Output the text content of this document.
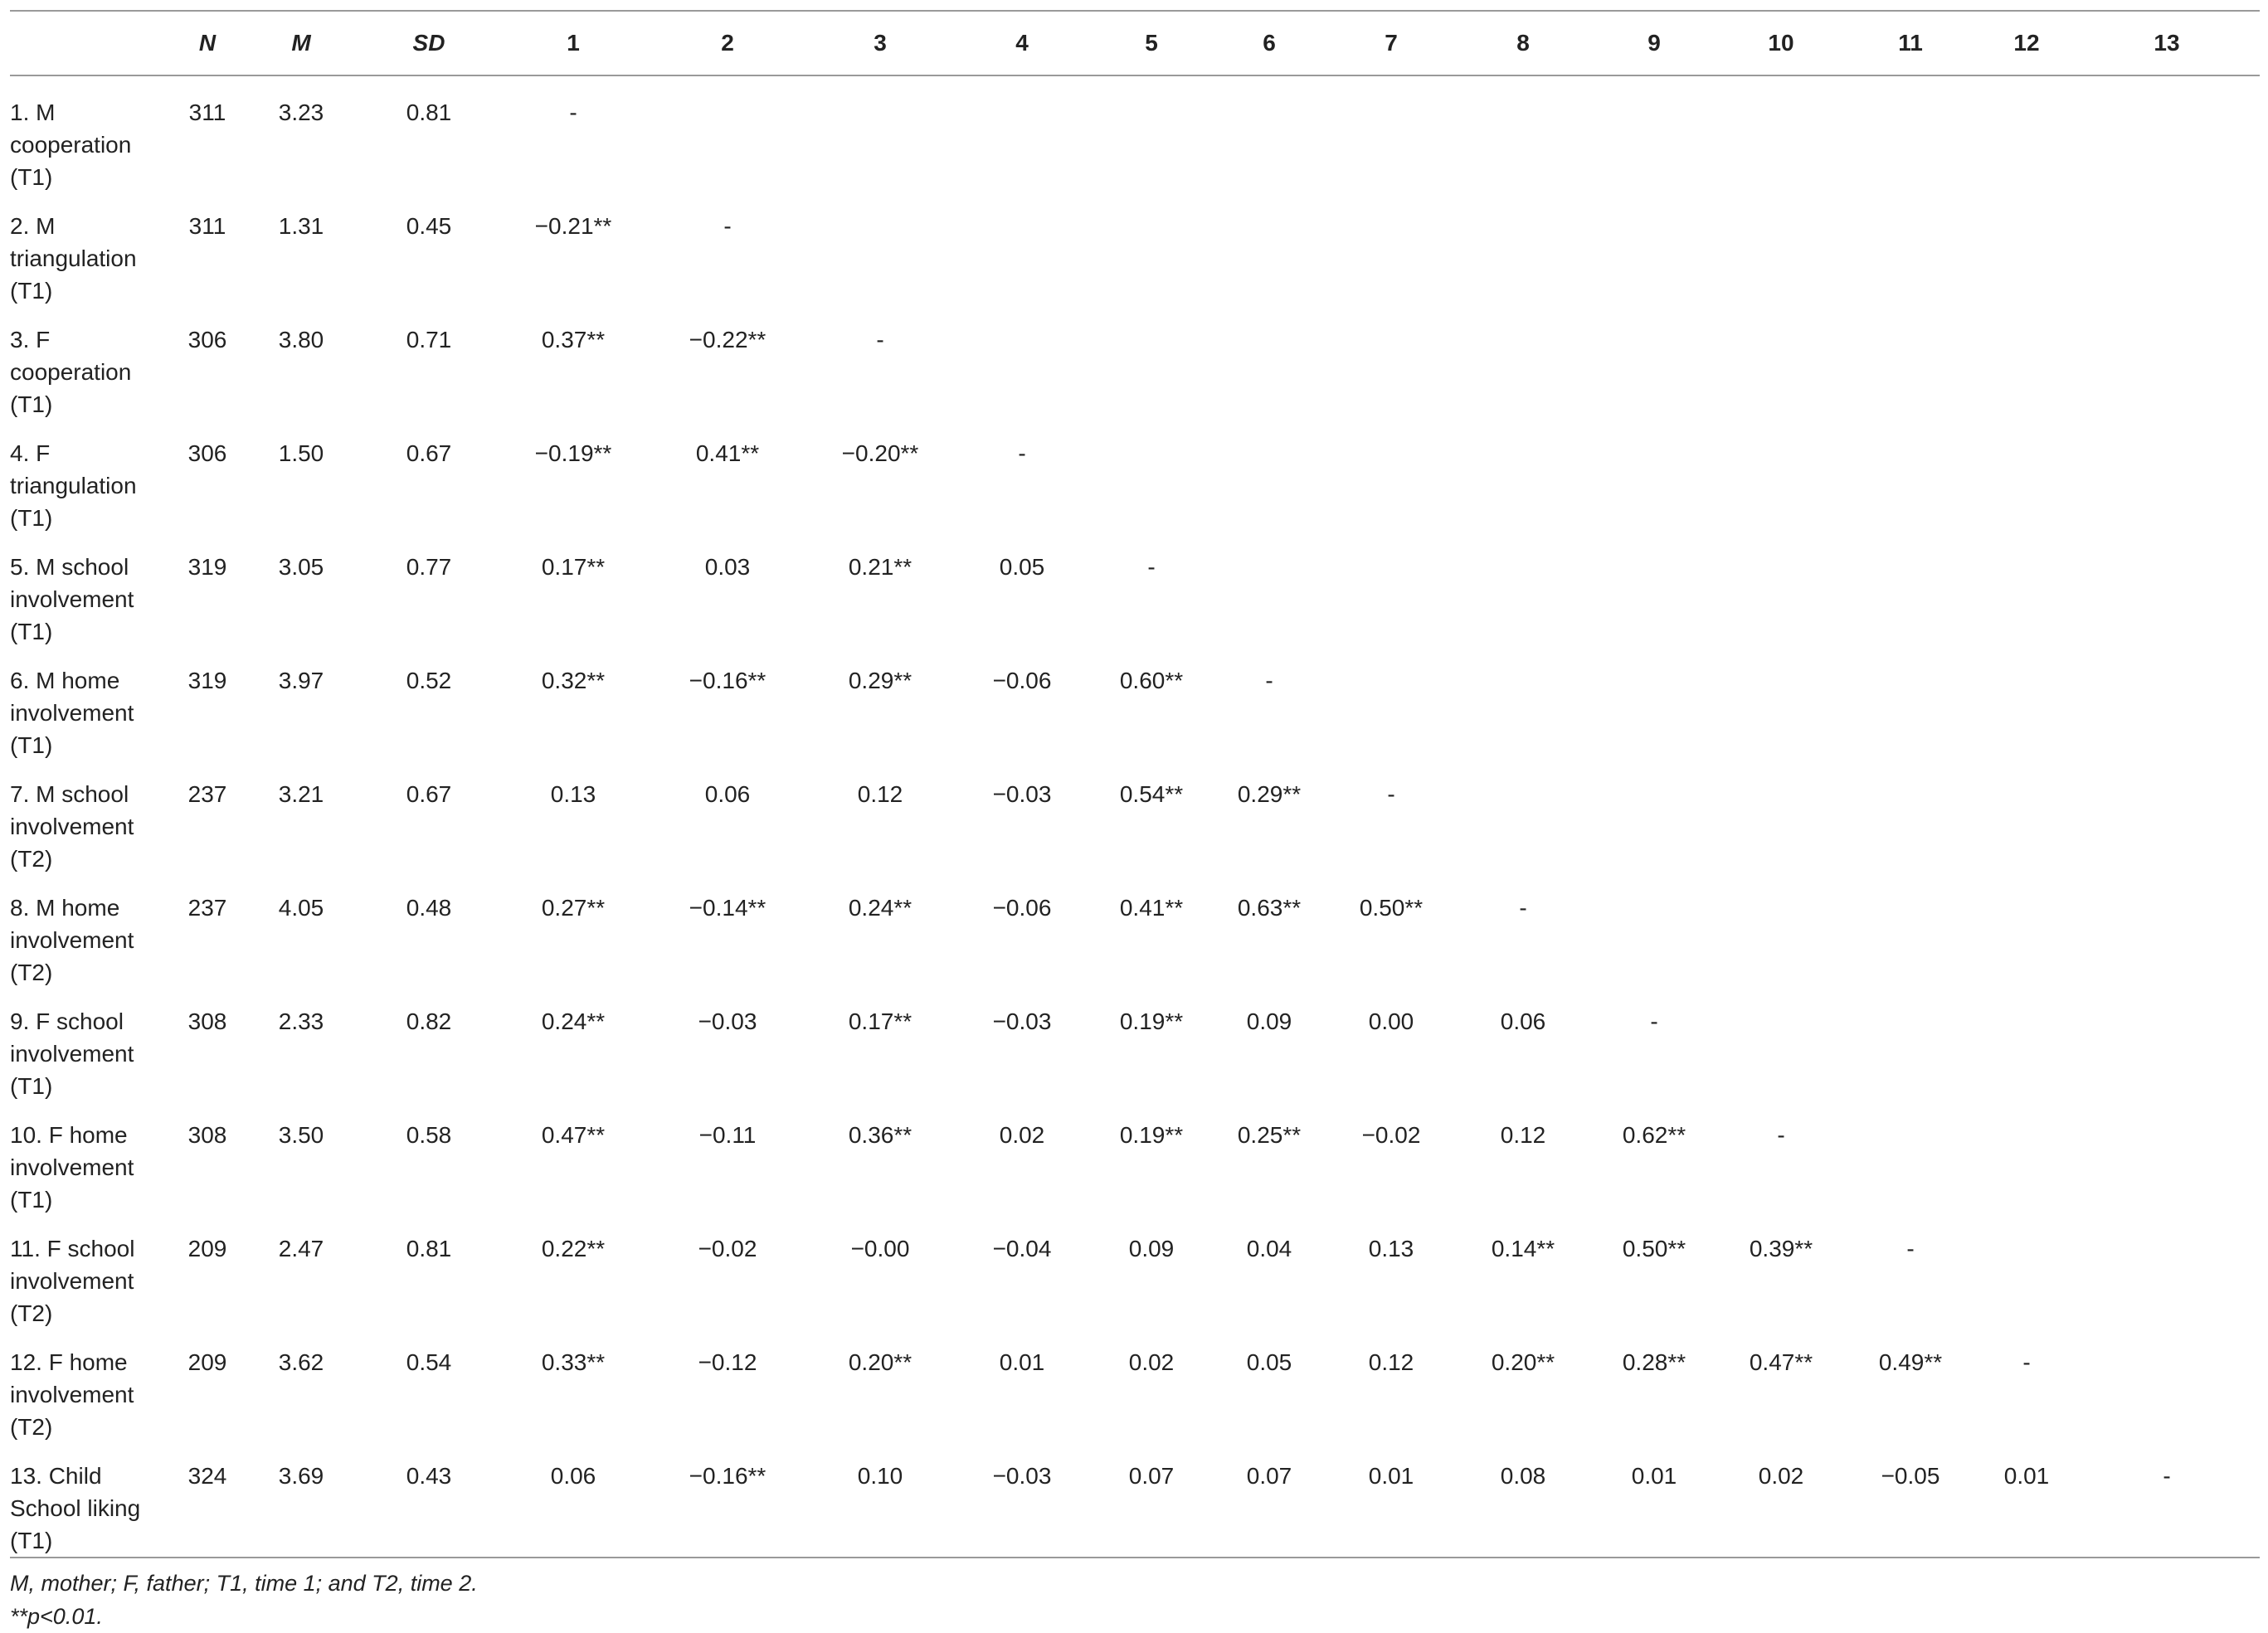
	N	M	SD	1	2	3	4	5	6	7	8	9	10	11	12	13
1. M cooperation (T1)	311	3.23	0.81	-												
2. M triangulation (T1)	311	1.31	0.45	−0.21**	-											
3. F cooperation (T1)	306	3.80	0.71	0.37**	−0.22**	-										
4. F triangulation (T1)	306	1.50	0.67	−0.19**	0.41**	−0.20**	-									
5. M school involvement (T1)	319	3.05	0.77	0.17**	0.03	0.21**	0.05	-								
6. M home involvement (T1)	319	3.97	0.52	0.32**	−0.16**	0.29**	−0.06	0.60**	-							
7. M school involvement (T2)	237	3.21	0.67	0.13	0.06	0.12	−0.03	0.54**	0.29**	-						
8. M home involvement (T2)	237	4.05	0.48	0.27**	−0.14**	0.24**	−0.06	0.41**	0.63**	0.50**	-					
9. F school involvement (T1)	308	2.33	0.82	0.24**	−0.03	0.17**	−0.03	0.19**	0.09	0.00	0.06	-				
10. F home involvement (T1)	308	3.50	0.58	0.47**	−0.11	0.36**	0.02	0.19**	0.25**	−0.02	0.12	0.62**	-			
11. F school involvement (T2)	209	2.47	0.81	0.22**	−0.02	−0.00	−0.04	0.09	0.04	0.13	0.14**	0.50**	0.39**	-		
12. F home involvement (T2)	209	3.62	0.54	0.33**	−0.12	0.20**	0.01	0.02	0.05	0.12	0.20**	0.28**	0.47**	0.49**	-	
13. Child School liking (T1)	324	3.69	0.43	0.06	−0.16**	0.10	−0.03	0.07	0.07	0.01	0.08	0.01	0.02	−0.05	0.01	-
M, mother; F, father; T1, time 1; and T2, time 2.
**p<0.01.
